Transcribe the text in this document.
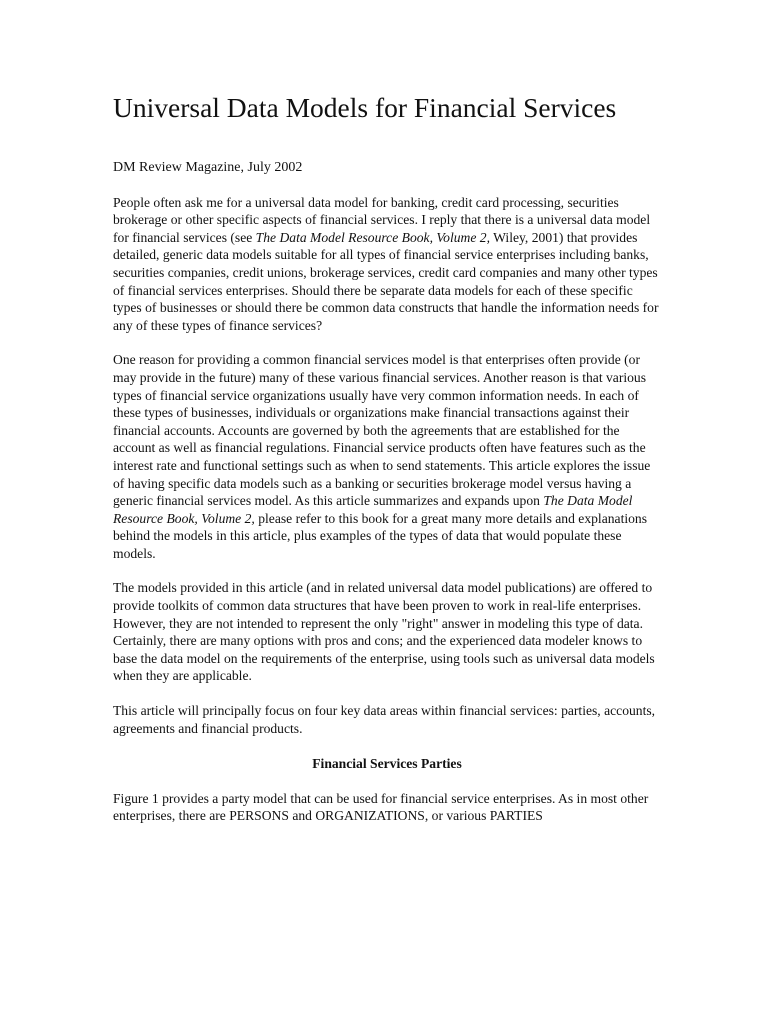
Universal Data Models for Financial Services
DM Review Magazine, July 2002

People often ask me for a universal data model for banking, credit card processing, securities brokerage or other specific aspects of financial services. I reply that there is a universal data model for financial services (see The Data Model Resource Book, Volume 2, Wiley, 2001) that provides detailed, generic data models suitable for all types of financial service enterprises including banks, securities companies, credit unions, brokerage services, credit card companies and many other types of financial services enterprises. Should there be separate data models for each of these specific types of businesses or should there be common data constructs that handle the information needs for any of these types of finance services?

One reason for providing a common financial services model is that enterprises often provide (or may provide in the future) many of these various financial services. Another reason is that various types of financial service organizations usually have very common information needs. In each of these types of businesses, individuals or organizations make financial transactions against their financial accounts. Accounts are governed by both the agreements that are established for the account as well as financial regulations. Financial service products often have features such as the interest rate and functional settings such as when to send statements. This article explores the issue of having specific data models such as a banking or securities brokerage model versus having a generic financial services model. As this article summarizes and expands upon The Data Model Resource Book, Volume 2, please refer to this book for a great many more details and explanations behind the models in this article, plus examples of the types of data that would populate these models.

The models provided in this article (and in related universal data model publications) are offered to provide toolkits of common data structures that have been proven to work in real-life enterprises. However, they are not intended to represent the only "right" answer in modeling this type of data. Certainly, there are many options with pros and cons; and the experienced data modeler knows to base the data model on the requirements of the enterprise, using tools such as universal data models when they are applicable.

This article will principally focus on four key data areas within financial services: parties, accounts, agreements and financial products.

Financial Services Parties

Figure 1 provides a party model that can be used for financial service enterprises. As in most other enterprises, there are PERSONS and ORGANIZATIONS, or various PARTIES
